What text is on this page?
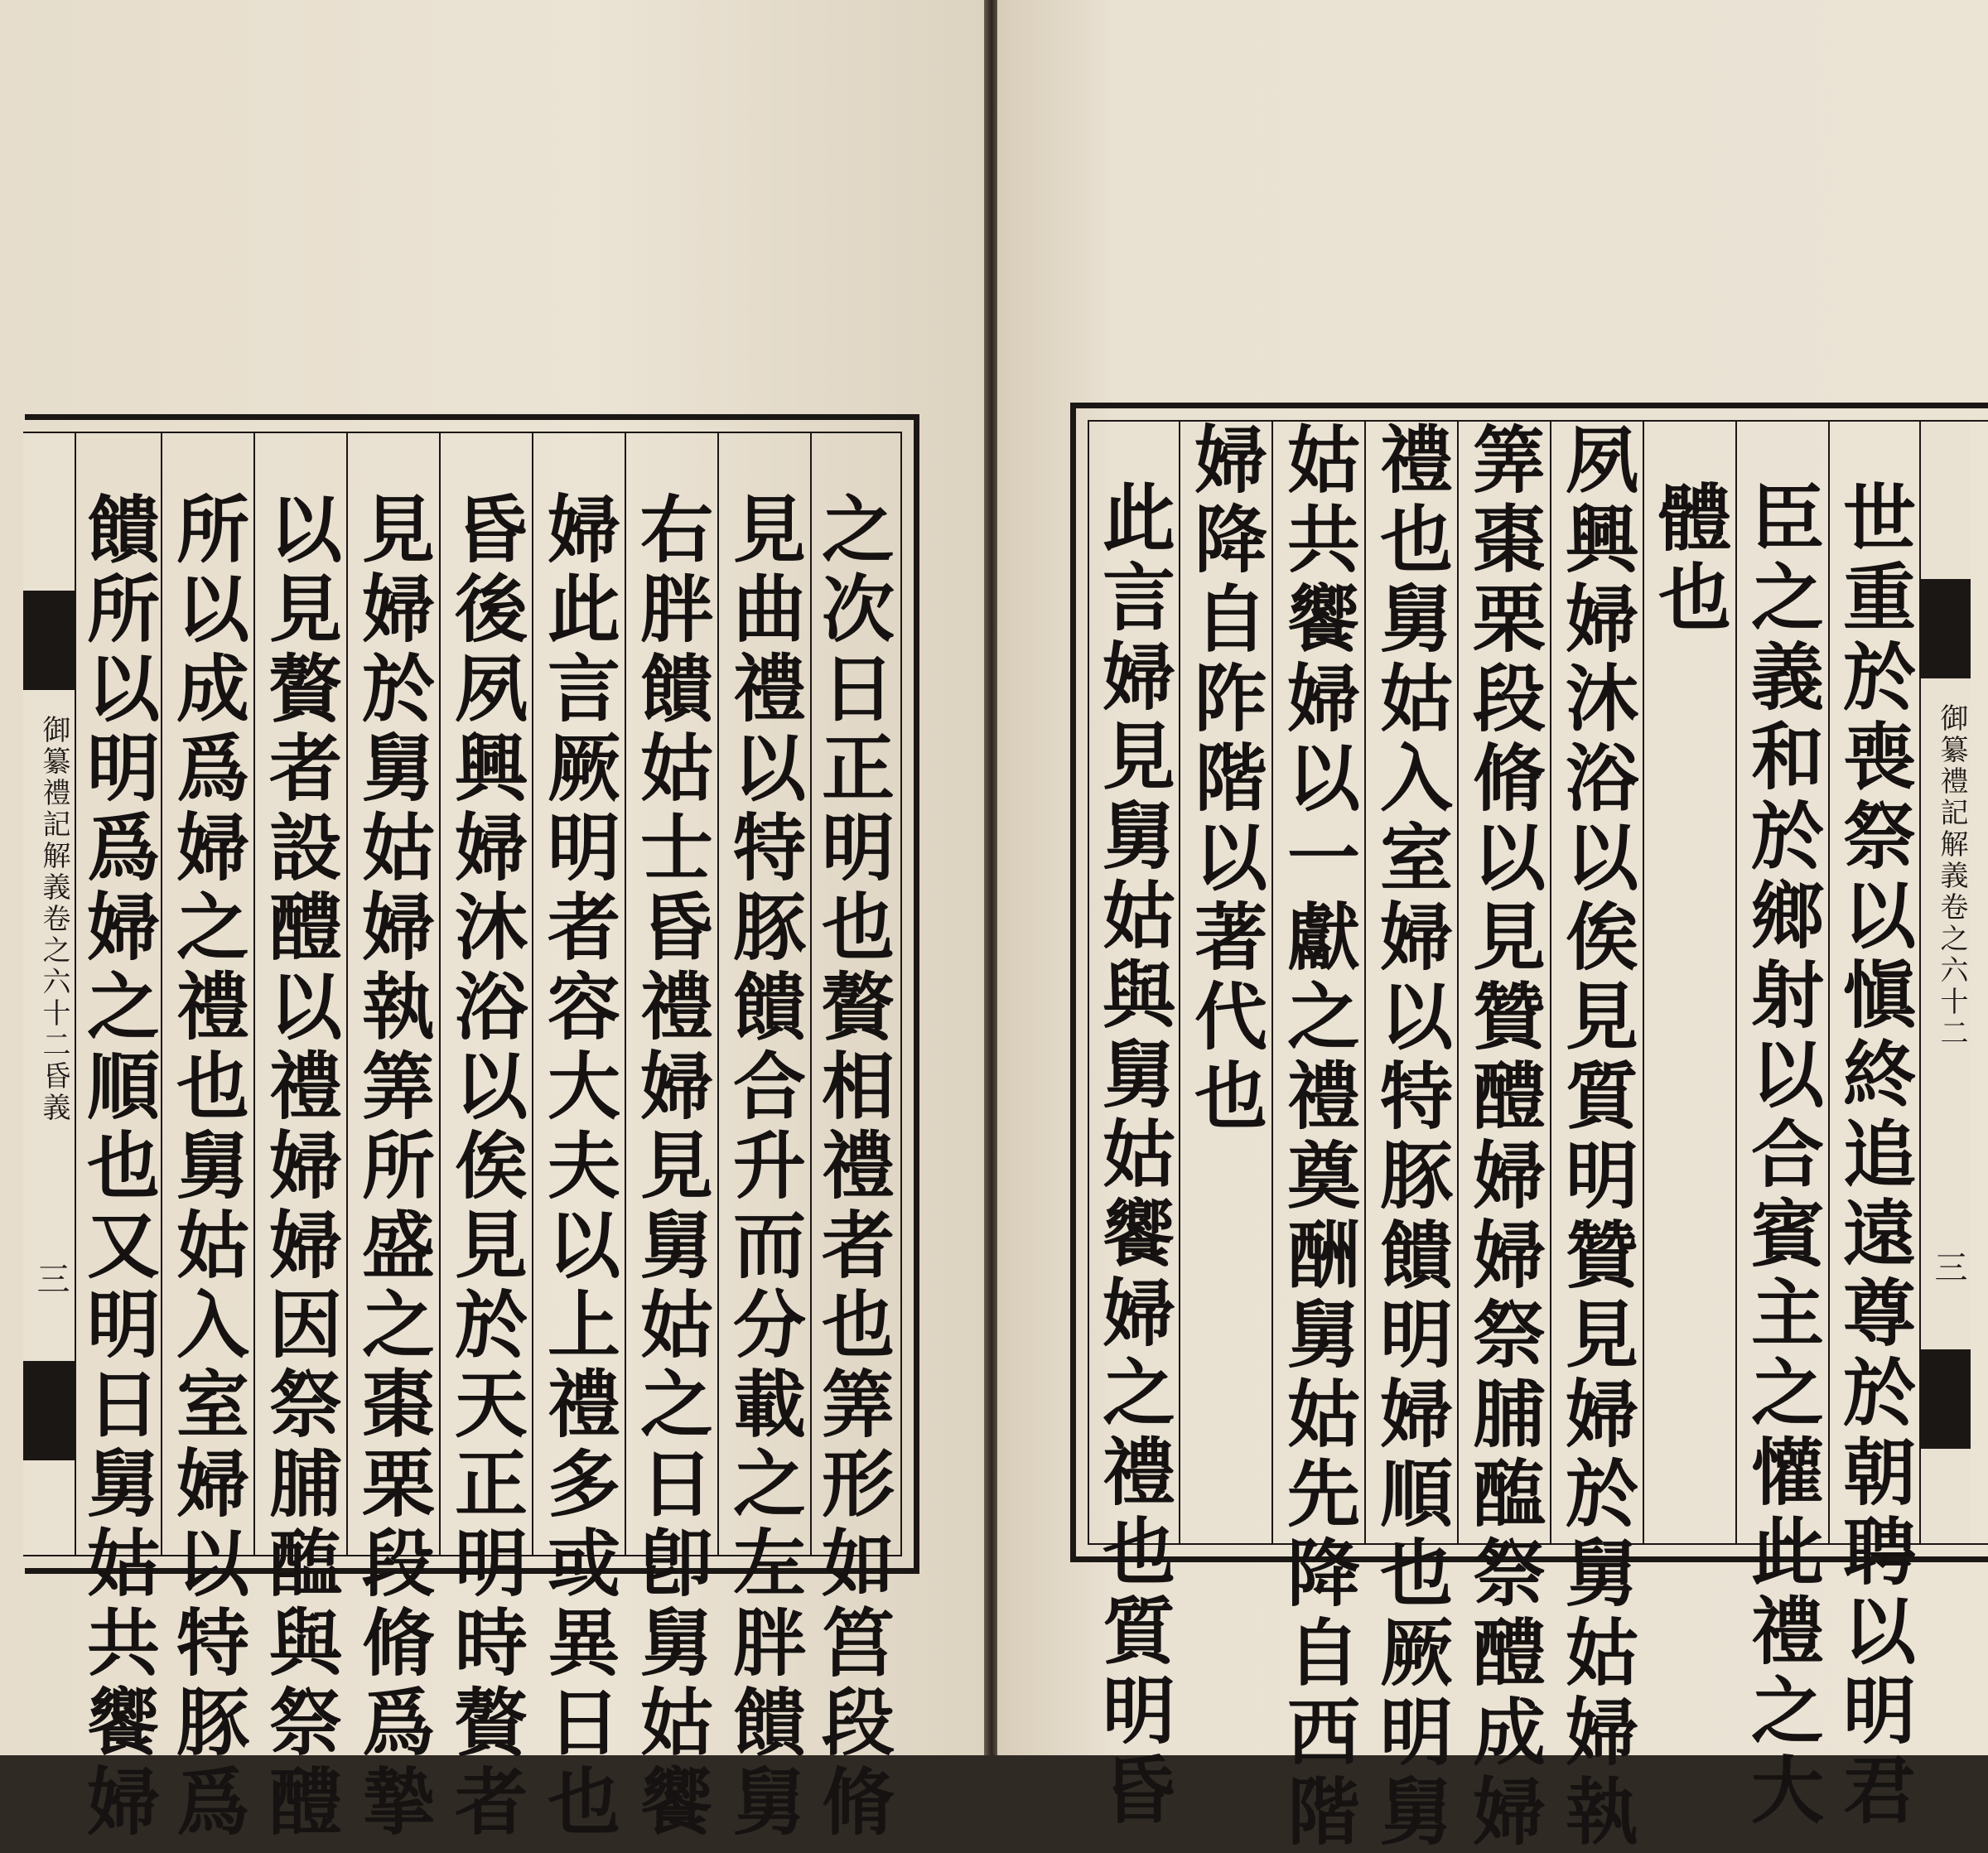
御纂禮記解義卷之六十二昏義
三	之次日正明也贅相禮者也筭形如筥段脩
見曲禮以特豚饋合升而分載之左胖饋舅
右胖饋姑士昏禮婦見舅姑之日卽舅姑饗
婦此言厥明者容大夫以上禮多或異日也
昏後夙興婦沐浴以俟見於天正明時贅者
見婦於舅姑婦執筭所盛之棗栗段脩爲摯
以見贅者設醴以禮婦婦因祭脯醢與祭醴
所以成爲婦之禮也舅姑入室婦以特豚爲
饋所以明爲婦之順也又明日舅姑共饗婦	世重於喪祭以愼終追遠尊於朝聘以明君
臣之義和於鄉射以合賓主之懽此禮之大
體也
夙興婦沐浴以俟見質明贊見婦於舅姑婦執
筭棗栗段脩以見贊醴婦婦祭脯醢祭醴成婦
禮也舅姑入室婦以特豚饋明婦順也厥明舅
姑共饗婦以一獻之禮奠酬舅姑先降自西階
婦降自阼階以著代也
此言婦見舅姑與舅姑饗婦之禮也質明昏	御纂禮記解義卷之六十二
三
